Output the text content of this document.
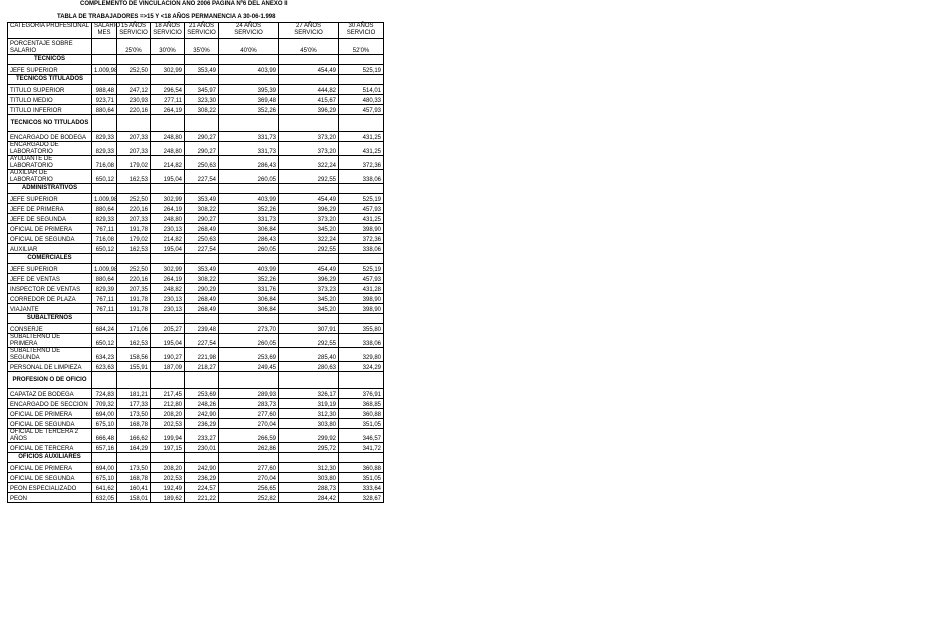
COMPLEMENTO DE VINCULACION AÑO 2006 PAGINA Nº6 DEL ANEXO II
TABLA DE TRABAJADORES =>15 Y <18 AÑOS PERMANENCIA A 30-06-1.998
CATEGORIA PROFESIONAL	SALARIO MES	15 AÑOS SERVICIO	18 AÑOS SERVICIO	21 AÑOS SERVICIO	24 AÑOS SERVICIO	27 AÑOS SERVICIO	30 AÑOS SERVICIO
PORCENTAJE SOBRE SALARIO		25'0%	30'0%	35'0%	40'0%	45'0%	52'0%
TECNICOS							
JEFE SUPERIOR	1.009,98	252,50	302,99	353,49	403,99	454,49	525,19
TECNICOS TITULADOS							
TITULO SUPERIOR	988,48	247,12	296,54	345,97	395,39	444,82	514,01
TITULO MEDIO	923,71	230,93	277,11	323,30	369,48	415,67	480,33
TITULO INFERIOR	880,64	220,16	264,19	308,22	352,26	396,29	457,93
TECNICOS NO TITULADOS							
ENCARGADO DE BODEGA	829,33	207,33	248,80	290,27	331,73	373,20	431,25
ENCARGADO DE LABORATORIO	829,33	207,33	248,80	290,27	331,73	373,20	431,25
AYUDANTE DE LABORATORIO	716,08	179,02	214,82	250,63	286,43	322,24	372,36
AUXILIAR DE LABORATORIO	650,12	162,53	195,04	227,54	260,05	292,55	338,06
ADMINISTRATIVOS							
JEFE SUPERIOR	1.009,98	252,50	302,99	353,49	403,99	454,49	525,19
JEFE DE PRIMERA	880,64	220,16	264,19	308,22	352,26	396,29	457,93
JEFE DE SEGUNDA	829,33	207,33	248,80	290,27	331,73	373,20	431,25
OFICIAL DE PRIMERA	767,11	191,78	230,13	268,49	306,84	345,20	398,90
OFICIAL DE SEGUNDA	716,08	179,02	214,82	250,63	286,43	322,24	372,36
AUXILIAR	650,12	162,53	195,04	227,54	260,05	292,55	338,06
COMERCIALES							
JEFE SUPERIOR	1.009,98	252,50	302,99	353,49	403,99	454,49	525,19
JEFE DE VENTAS	880,64	220,16	264,19	308,22	352,26	396,29	457,93
INSPECTOR DE VENTAS	829,39	207,35	248,82	290,29	331,76	373,23	431,28
CORREDOR DE PLAZA	767,11	191,78	230,13	268,49	306,84	345,20	398,90
VIAJANTE	767,11	191,78	230,13	268,49	306,84	345,20	398,90
SUBALTERNOS							
CONSERJE	684,24	171,06	205,27	239,48	273,70	307,91	355,80
SUBALTERNO DE PRIMERA	650,12	162,53	195,04	227,54	260,05	292,55	338,06
SUBALTERNO DE SEGUNDA	634,23	158,56	190,27	221,98	253,69	285,40	329,80
PERSONAL DE LIMPIEZA	623,63	155,91	187,09	218,27	249,45	280,63	324,29
PROFESION O DE OFICIO							
CAPATAZ DE BODEGA	724,83	181,21	217,45	253,69	289,93	326,17	376,91
ENCARGADO DE SECCION	709,32	177,33	212,80	248,26	283,73	319,19	368,85
OFICIAL DE PRIMERA	694,00	173,50	208,20	242,90	277,60	312,30	360,88
OFICIAL DE SEGUNDA	675,10	168,78	202,53	236,29	270,04	303,80	351,05
OFICIAL DE TERCERA 2 AÑOS	666,48	166,62	199,94	233,27	266,59	299,92	346,57
OFICIAL DE TERCERA	657,16	164,29	197,15	230,01	262,86	295,72	341,72
OFICIOS AUXILIARES							
OFICIAL DE PRIMERA	694,00	173,50	208,20	242,90	277,60	312,30	360,88
OFICIAL DE SEGUNDA	675,10	168,78	202,53	236,29	270,04	303,80	351,05
PEON ESPECIALIZADO	641,62	160,41	192,49	224,57	256,65	288,73	333,64
PEON	632,05	158,01	189,62	221,22	252,82	284,42	328,67
